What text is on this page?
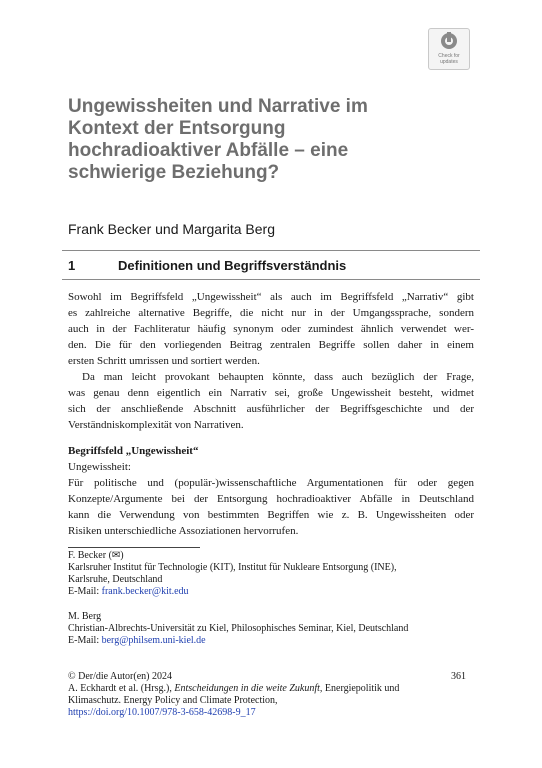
Check for
updates
Ungewissheiten und Narrative im
Kontext der Entsorgung
hochradioaktiver Abfälle – eine
schwierige Beziehung?
Frank Becker und Margarita Berg
1	Definitionen und Begriffsverständnis
Sowohl im Begriffsfeld „Ungewissheit“ als auch im Begriffsfeld „Narrativ“ gibt
es zahlreiche alternative Begriffe, die nicht nur in der Umgangssprache, sondern
auch in der Fachliteratur häufig synonym oder zumindest ähnlich verwendet wer-
den. Die für den vorliegenden Beitrag zentralen Begriffe sollen daher in einem
ersten Schritt umrissen und sortiert werden.
Da man leicht provokant behaupten könnte, dass auch bezüglich der Frage,
was genau denn eigentlich ein Narrativ sei, große Ungewissheit besteht, widmet
sich der anschließende Abschnitt ausführlicher der Begriffsgeschichte und der
Verständniskomplexität von Narrativen.
Begriffsfeld „Ungewissheit“
Ungewissheit:
Für politische und (populär-)wissenschaftliche Argumentationen für oder gegen
Konzepte/Argumente bei der Entsorgung hochradioaktiver Abfälle in Deutschland
kann die Verwendung von bestimmten Begriffen wie z. B. Ungewissheiten oder
Risiken unterschiedliche Assoziationen hervorrufen.
F. Becker (✉)
Karlsruher Institut für Technologie (KIT), Institut für Nukleare Entsorgung (INE),
Karlsruhe, Deutschland
E-Mail: frank.becker@kit.edu
M. Berg
Christian-Albrechts-Universität zu Kiel, Philosophisches Seminar, Kiel, Deutschland
E-Mail: berg@philsem.uni-kiel.de
© Der/die Autor(en) 2024
A. Eckhardt et al. (Hrsg.), Entscheidungen in die weite Zukunft, Energiepolitik und
Klimaschutz. Energy Policy and Climate Protection,
https://doi.org/10.1007/978-3-658-42698-9_17
361
